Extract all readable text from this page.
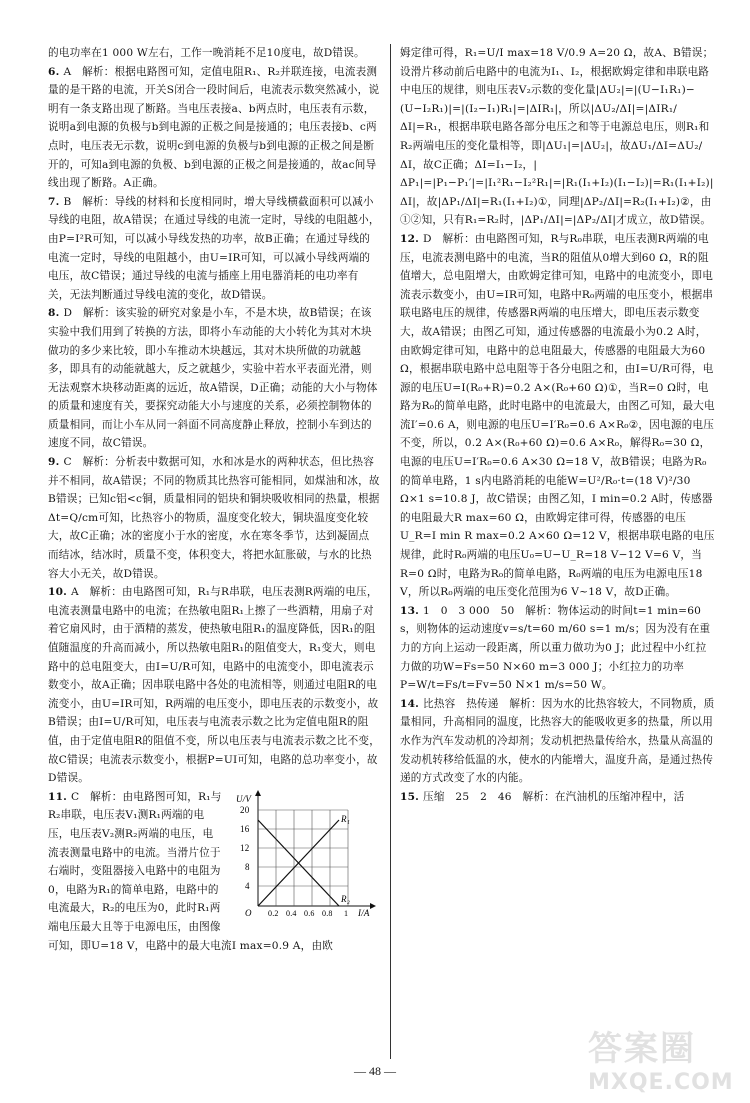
的电功率在1 000 W左右，工作一晚消耗不足10度电，故D错误。

6. A　解析：根据电路图可知，定值电阻R₁、R₂并联连接，电流表测量的是干路的电流，开关S闭合一段时间后，电流表示数突然减小，说明有一条支路出现了断路。当电压表接a、b两点时，电压表有示数，说明a到电源的负极与b到电源的正极之间是接通的；电压表接b、c两点时，电压表无示数，说明c到电源的负极与b到电源的正极之间是断开的，可知a到电源的负极、b到电源的正极之间是接通的，故ac间导线出现了断路。A正确。

7. B　解析：导线的材料和长度相同时，增大导线横截面积可以减小导线的电阻，故A错误；在通过导线的电流一定时，导线的电阻越小，由P=I²R可知，可以减小导线发热的功率，故B正确；在通过导线的电流一定时，导线的电阻越小，由U=IR可知，可以减小导线两端的电压，故C错误；通过导线的电流与插座上用电器消耗的电功率有关，无法判断通过导线电流的变化，故D错误。

8. D　解析：该实验的研究对象是小车，不是木块，故B错误；在该实验中我们用到了转换的方法，即将小车动能的大小转化为其对木块做功的多少来比较，即小车推动木块越远，其对木块所做的功就越多，即具有的动能就越大，反之就越少，实验中若水平表面光滑，则无法观察木块移动距离的远近，故A错误，D正确；动能的大小与物体的质量和速度有关，要探究动能大小与速度的关系，必须控制物体的质量相同，而让小车从同一斜面不同高度静止释放，控制小车到达的速度不同，故C错误。

9. C　解析：分析表中数据可知，水和冰是水的两种状态，但比热容并不相同，故A错误；不同的物质其比热容可能相同，如煤油和冰，故B错误；已知c铝<c铜，质量相同的铝块和铜块吸收相同的热量，根据Δt=Q/cm可知，比热容小的物质，温度变化较大，铜块温度变化较大，故C正确；冰的密度小于水的密度，水在寒冬季节，达到凝固点而结冰，结冰时，质量不变，体积变大，将把水缸胀破，与水的比热容大小无关，故D错误。

10. A　解析：由电路图可知，R₁与R串联，电压表测R两端的电压，电流表测量电路中的电流；在热敏电阻R₁上擦了一些酒精，用扇子对着它扇风时，由于酒精的蒸发，使热敏电阻R₁的温度降低，因R₁的阻值随温度的升高而减小，所以热敏电阻R₁的阻值变大，R₁变大，则电路中的总电阻变大，由I=U/R可知，电路中的电流变小，即电流表示数变小，故A正确；因串联电路中各处的电流相等，则通过电阻R的电流变小，由U=IR可知，R两端的电压变小，即电压表的示数变小，故B错误；由I=U/R可知，电压表与电流表示数之比为定值电阻R的阻值，由于定值电阻R的阻值不变，所以电压表与电流表示数之比不变，故C错误；电流表示数变小，根据P=UI可知，电路的总功率变小，故D错误。

U/V
20
16
12
8
4
O 0.2 0.4 0.6 0.8 1 I/A
R₁
R₂
11. C　解析：由电路图可知，R₁与R₂串联，电压表V₁测R₁两端的电压，电压表V₂测R₂两端的电压，电流表测量电路中的电流。当滑片位于右端时，变阻器接入电路中的电阻为0，电路为R₁的简单电路，电路中的电流最大，R₂的电压为0，此时R₁两端电压最大且等于电源电压，由图像可知，即U=18 V，电路中的最大电流I max=0.9 A，由欧

姆定律可得，R₁=U/I max=18 V/0.9 A=20 Ω，故A、B错误；设滑片移动前后电路中的电流为I₁、I₂，根据欧姆定律和串联电路中电压的规律，则电压表V₂示数的变化量|ΔU₂|=|(U−I₁R₁)−(U−I₂R₁)|=|(I₂−I₁)R₁|=|ΔIR₁|，所以|ΔU₂/ΔI|=|ΔIR₁/ΔI|=R₁，根据串联电路各部分电压之和等于电源总电压，则R₁和R₂两端电压的变化量相等，即|ΔU₁|=|ΔU₂|，故ΔU₁/ΔI=ΔU₂/ΔI，故C正确；ΔI=I₁−I₂，|ΔP₁|=|P₁−P₁′|=|I₁²R₁−I₂²R₁|=|R₁(I₁+I₂)(I₁−I₂)|=R₁(I₁+I₂)|ΔI|，故|ΔP₁/ΔI|=R₁(I₁+I₂)①，同理|ΔP₂/ΔI|=R₂(I₁+I₂)②，由①②知，只有R₁=R₂时，|ΔP₁/ΔI|=|ΔP₂/ΔI|才成立，故D错误。

12. D　解析：由电路图可知，R与R₀串联，电压表测R两端的电压，电流表测电路中的电流，当R的阻值从0增大到60 Ω，R的阻值增大，总电阻增大，由欧姆定律可知，电路中的电流变小，即电流表示数变小，由U=IR可知，电路中R₀两端的电压变小，根据串联电路电压的规律，传感器R两端的电压增大，即电压表示数变大，故A错误；由图乙可知，通过传感器的电流最小为0.2 A时，由欧姆定律可知，电路中的总电阻最大，传感器的电阻最大为60 Ω，根据串联电路中总电阻等于各分电阻之和，由I=U/R可得，电源的电压U=I(R₀+R)=0.2 A×(R₀+60 Ω)①，当R=0 Ω时，电路为R₀的简单电路，此时电路中的电流最大，由图乙可知，最大电流I′=0.6 A，则电源的电压U=I′R₀=0.6 A×R₀②，因电源的电压不变，所以，0.2 A×(R₀+60 Ω)=0.6 A×R₀，解得R₀=30 Ω，电源的电压U=I′R₀=0.6 A×30 Ω=18 V，故B错误；电路为R₀的简单电路，1 s内电路消耗的电能W=U²/R₀·t=(18 V)²/30 Ω×1 s=10.8 J，故C错误；由图乙知，I min=0.2 A时，传感器的电阻最大R max=60 Ω，由欧姆定律可得，传感器的电压U_R=I min R max=0.2 A×60 Ω=12 V，根据串联电路的电压规律，此时R₀两端的电压U₀=U−U_R=18 V−12 V=6 V，当R=0 Ω时，电路为R₀的简单电路，R₀两端的电压为电源电压18 V，所以R₀两端的电压变化范围为6 V~18 V，故D正确。

13. 1　0　3 000　50　解析：物体运动的时间t=1 min=60 s，则物体的运动速度v=s/t=60 m/60 s=1 m/s；因为没有在重力的方向上运动一段距离，所以重力做功为0 J；此过程中小红拉力做的功W=Fs=50 N×60 m=3 000 J；小红拉力的功率P=W/t=Fs/t=Fv=50 N×1 m/s=50 W。

14. 比热容　热传递　解析：因为水的比热容较大，不同物质，质量相同，升高相同的温度，比热容大的能吸收更多的热量，所以用水作为汽车发动机的冷却剂；发动机把热量传给水，热量从高温的发动机转移给低温的水，使水的内能增大，温度升高，是通过热传递的方式改变了水的内能。

15. 压缩　25　2　46　解析：在汽油机的压缩冲程中，活

— 48 —
答案圈
MXQE.COM
